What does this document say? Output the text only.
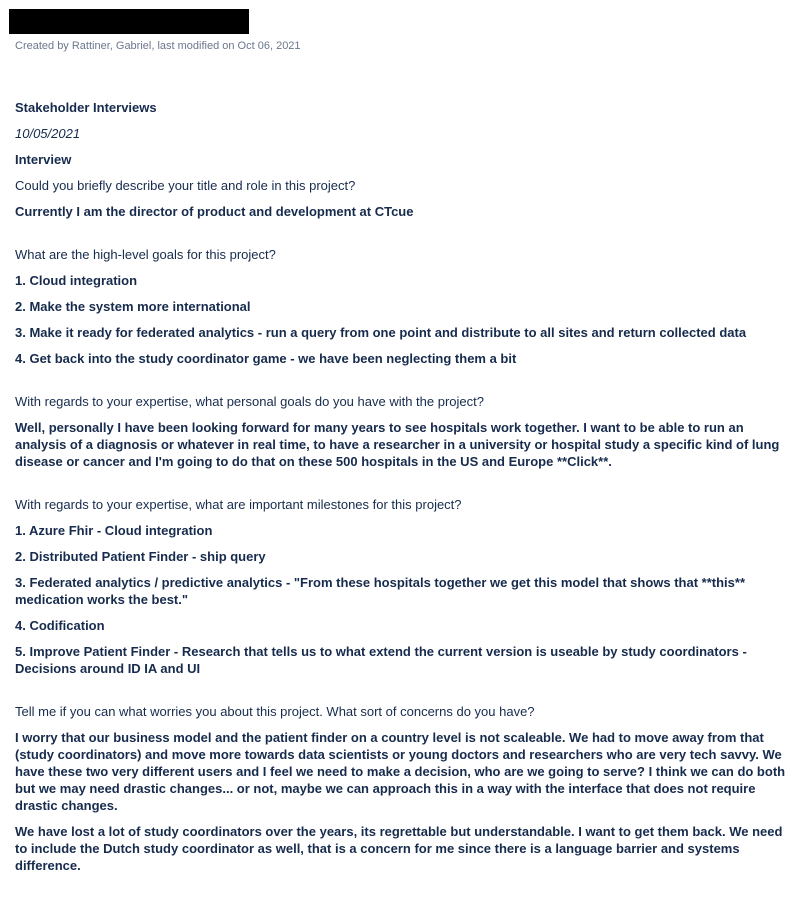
Created by Rattiner, Gabriel, last modified on Oct 06, 2021

Stakeholder Interviews

10/05/2021

Interview

Could you briefly describe your title and role in this project?

Currently I am the director of product and development at CTcue

What are the high-level goals for this project?

1. Cloud integration

2. Make the system more international

3. Make it ready for federated analytics - run a query from one point and distribute to all sites and return collected data

4. Get back into the study coordinator game - we have been neglecting them a bit

With regards to your expertise, what personal goals do you have with the project?

Well, personally I have been looking forward for many years to see hospitals work together. I want to be able to run an analysis of a diagnosis or whatever in real time, to have a researcher in a university or hospital study a specific kind of lung disease or cancer and I'm going to do that on these 500 hospitals in the US and Europe **Click**.

With regards to your expertise, what are important milestones for this project?

1. Azure Fhir - Cloud integration

2. Distributed Patient Finder - ship query

3. Federated analytics / predictive analytics - "From these hospitals together we get this model that shows that **this** medication works the best."

4. Codification

5. Improve Patient Finder - Research that tells us to what extend the current version is useable by study coordinators - Decisions around ID IA and UI

Tell me if you can what worries you about this project. What sort of concerns do you have?

I worry that our business model and the patient finder on a country level is not scaleable. We had to move away from that (study coordinators) and move more towards data scientists or young doctors and researchers who are very tech savvy. We have these two very different users and I feel we need to make a decision, who are we going to serve? I think we can do both but we may need drastic changes... or not, maybe we can approach this in a way with the interface that does not require drastic changes.

We have lost a lot of study coordinators over the years, its regrettable but understandable. I want to get them back. We need to include the Dutch study coordinator as well, that is a concern for me since there is a language barrier and systems difference.
